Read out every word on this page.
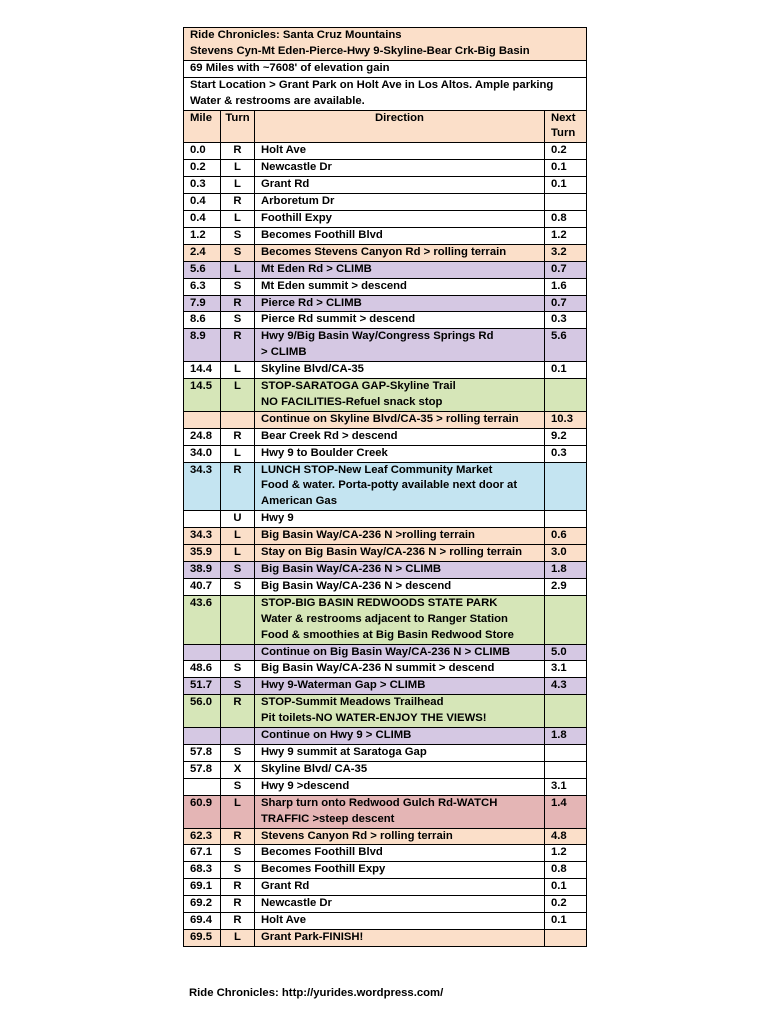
Ride Chronicles: Santa Cruz Mountains
Stevens Cyn-Mt Eden-Pierce-Hwy 9-Skyline-Bear Crk-Big Basin			

69 Miles with ~7608' of elevation gain			

Start Location > Grant Park on Holt Ave in Los Altos. Ample parking
Water & restrooms are available.			

Mile	Turn	Direction	Next
Turn

0.0	R	Holt Ave	0.2
0.2	L	Newcastle Dr	0.1
0.3	L	Grant Rd	0.1
0.4	R	Arboretum Dr	

0.4	L	Foothill Expy	0.8
1.2	S	Becomes Foothill Blvd	1.2
2.4	S	Becomes Stevens Canyon Rd > rolling terrain	3.2
5.6	L	Mt Eden Rd > CLIMB	0.7
6.3	S	Mt Eden summit > descend	1.6
7.9	R	Pierce Rd > CLIMB	0.7
8.6	S	Pierce Rd summit > descend	0.3
8.9	R	Hwy 9/Big Basin Way/Congress Springs Rd
> CLIMB	5.6
14.4	L	Skyline Blvd/CA-35	0.1
14.5	L	STOP-SARATOGA GAP-Skyline Trail
NO FACILITIES-Refuel snack stop	

		Continue on Skyline Blvd/CA-35 > rolling terrain	10.3
24.8	R	Bear Creek Rd > descend	9.2
34.0	L	Hwy 9 to Boulder Creek	0.3
34.3	R	LUNCH STOP-New Leaf Community Market
Food & water. Porta-potty available next door at
American Gas	

	U	Hwy 9	

34.3	L	Big Basin Way/CA-236 N >rolling terrain	0.6
35.9	L	Stay on Big Basin Way/CA-236 N > rolling terrain	3.0
38.9	S	Big Basin Way/CA-236 N > CLIMB	1.8
40.7	S	Big Basin Way/CA-236 N > descend	2.9
43.6		STOP-BIG BASIN REDWOODS STATE PARK
Water & restrooms adjacent to Ranger Station
Food & smoothies at Big Basin Redwood Store	

		Continue on Big Basin Way/CA-236 N > CLIMB	5.0
48.6	S	Big Basin Way/CA-236 N summit > descend	3.1
51.7	S	Hwy 9-Waterman Gap > CLIMB	4.3
56.0	R	STOP-Summit Meadows Trailhead
Pit toilets-NO WATER-ENJOY THE VIEWS!	

		Continue on Hwy 9 > CLIMB	1.8
57.8	S	Hwy 9 summit at Saratoga Gap	

57.8	X	Skyline Blvd/ CA-35	

	S	Hwy 9 >descend	3.1
60.9	L	Sharp turn onto Redwood Gulch Rd-WATCH
TRAFFIC >steep descent	1.4
62.3	R	Stevens Canyon Rd > rolling terrain	4.8
67.1	S	Becomes Foothill Blvd	1.2
68.3	S	Becomes Foothill Expy	0.8
69.1	R	Grant Rd	0.1
69.2	R	Newcastle Dr	0.2
69.4	R	Holt Ave	0.1
69.5	L	Grant Park-FINISH!	

Ride Chronicles: http://yurides.wordpress.com/
